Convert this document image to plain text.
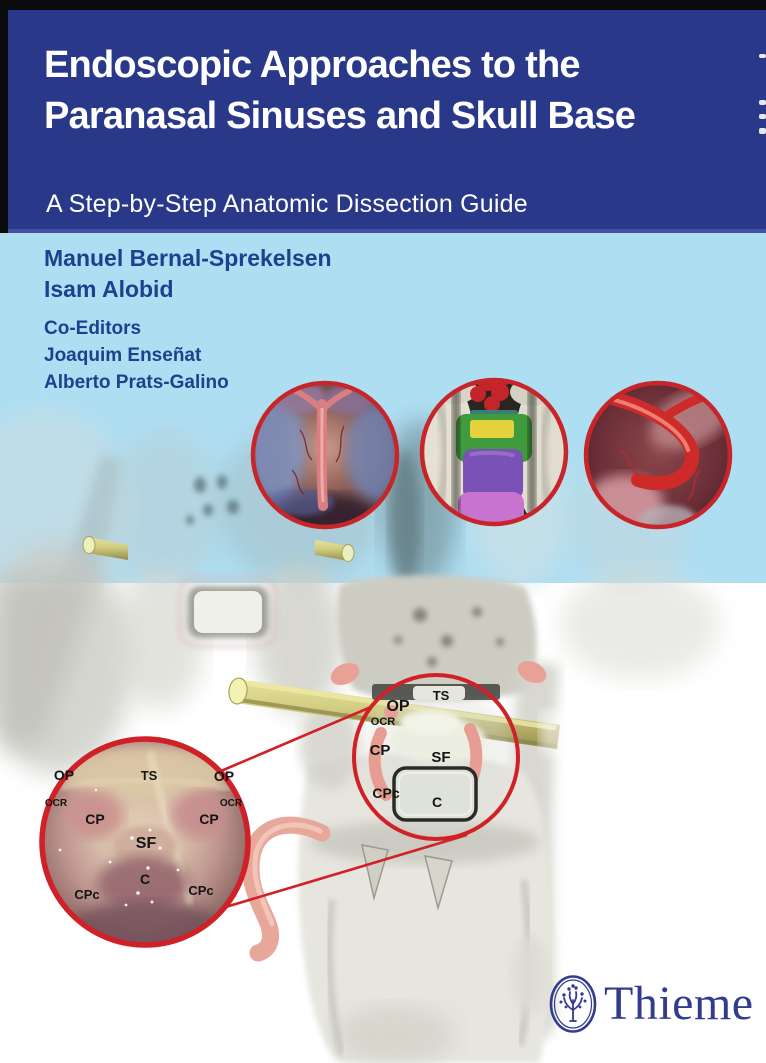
Endoscopic Approaches to the
Paranasal Sinuses and Skull Base
A Step-by-Step Anatomic Dissection Guide
Manuel Bernal-Sprekelsen
Isam Alobid
Co-Editors
Joaquim Enseñat
Alberto Prats-Galino
TS
OP
OCR
CP	SF
CPc
C
OP	TS	OP
OCR	OCR
CP	CP
SF
C
CPc	CPc
Thieme
